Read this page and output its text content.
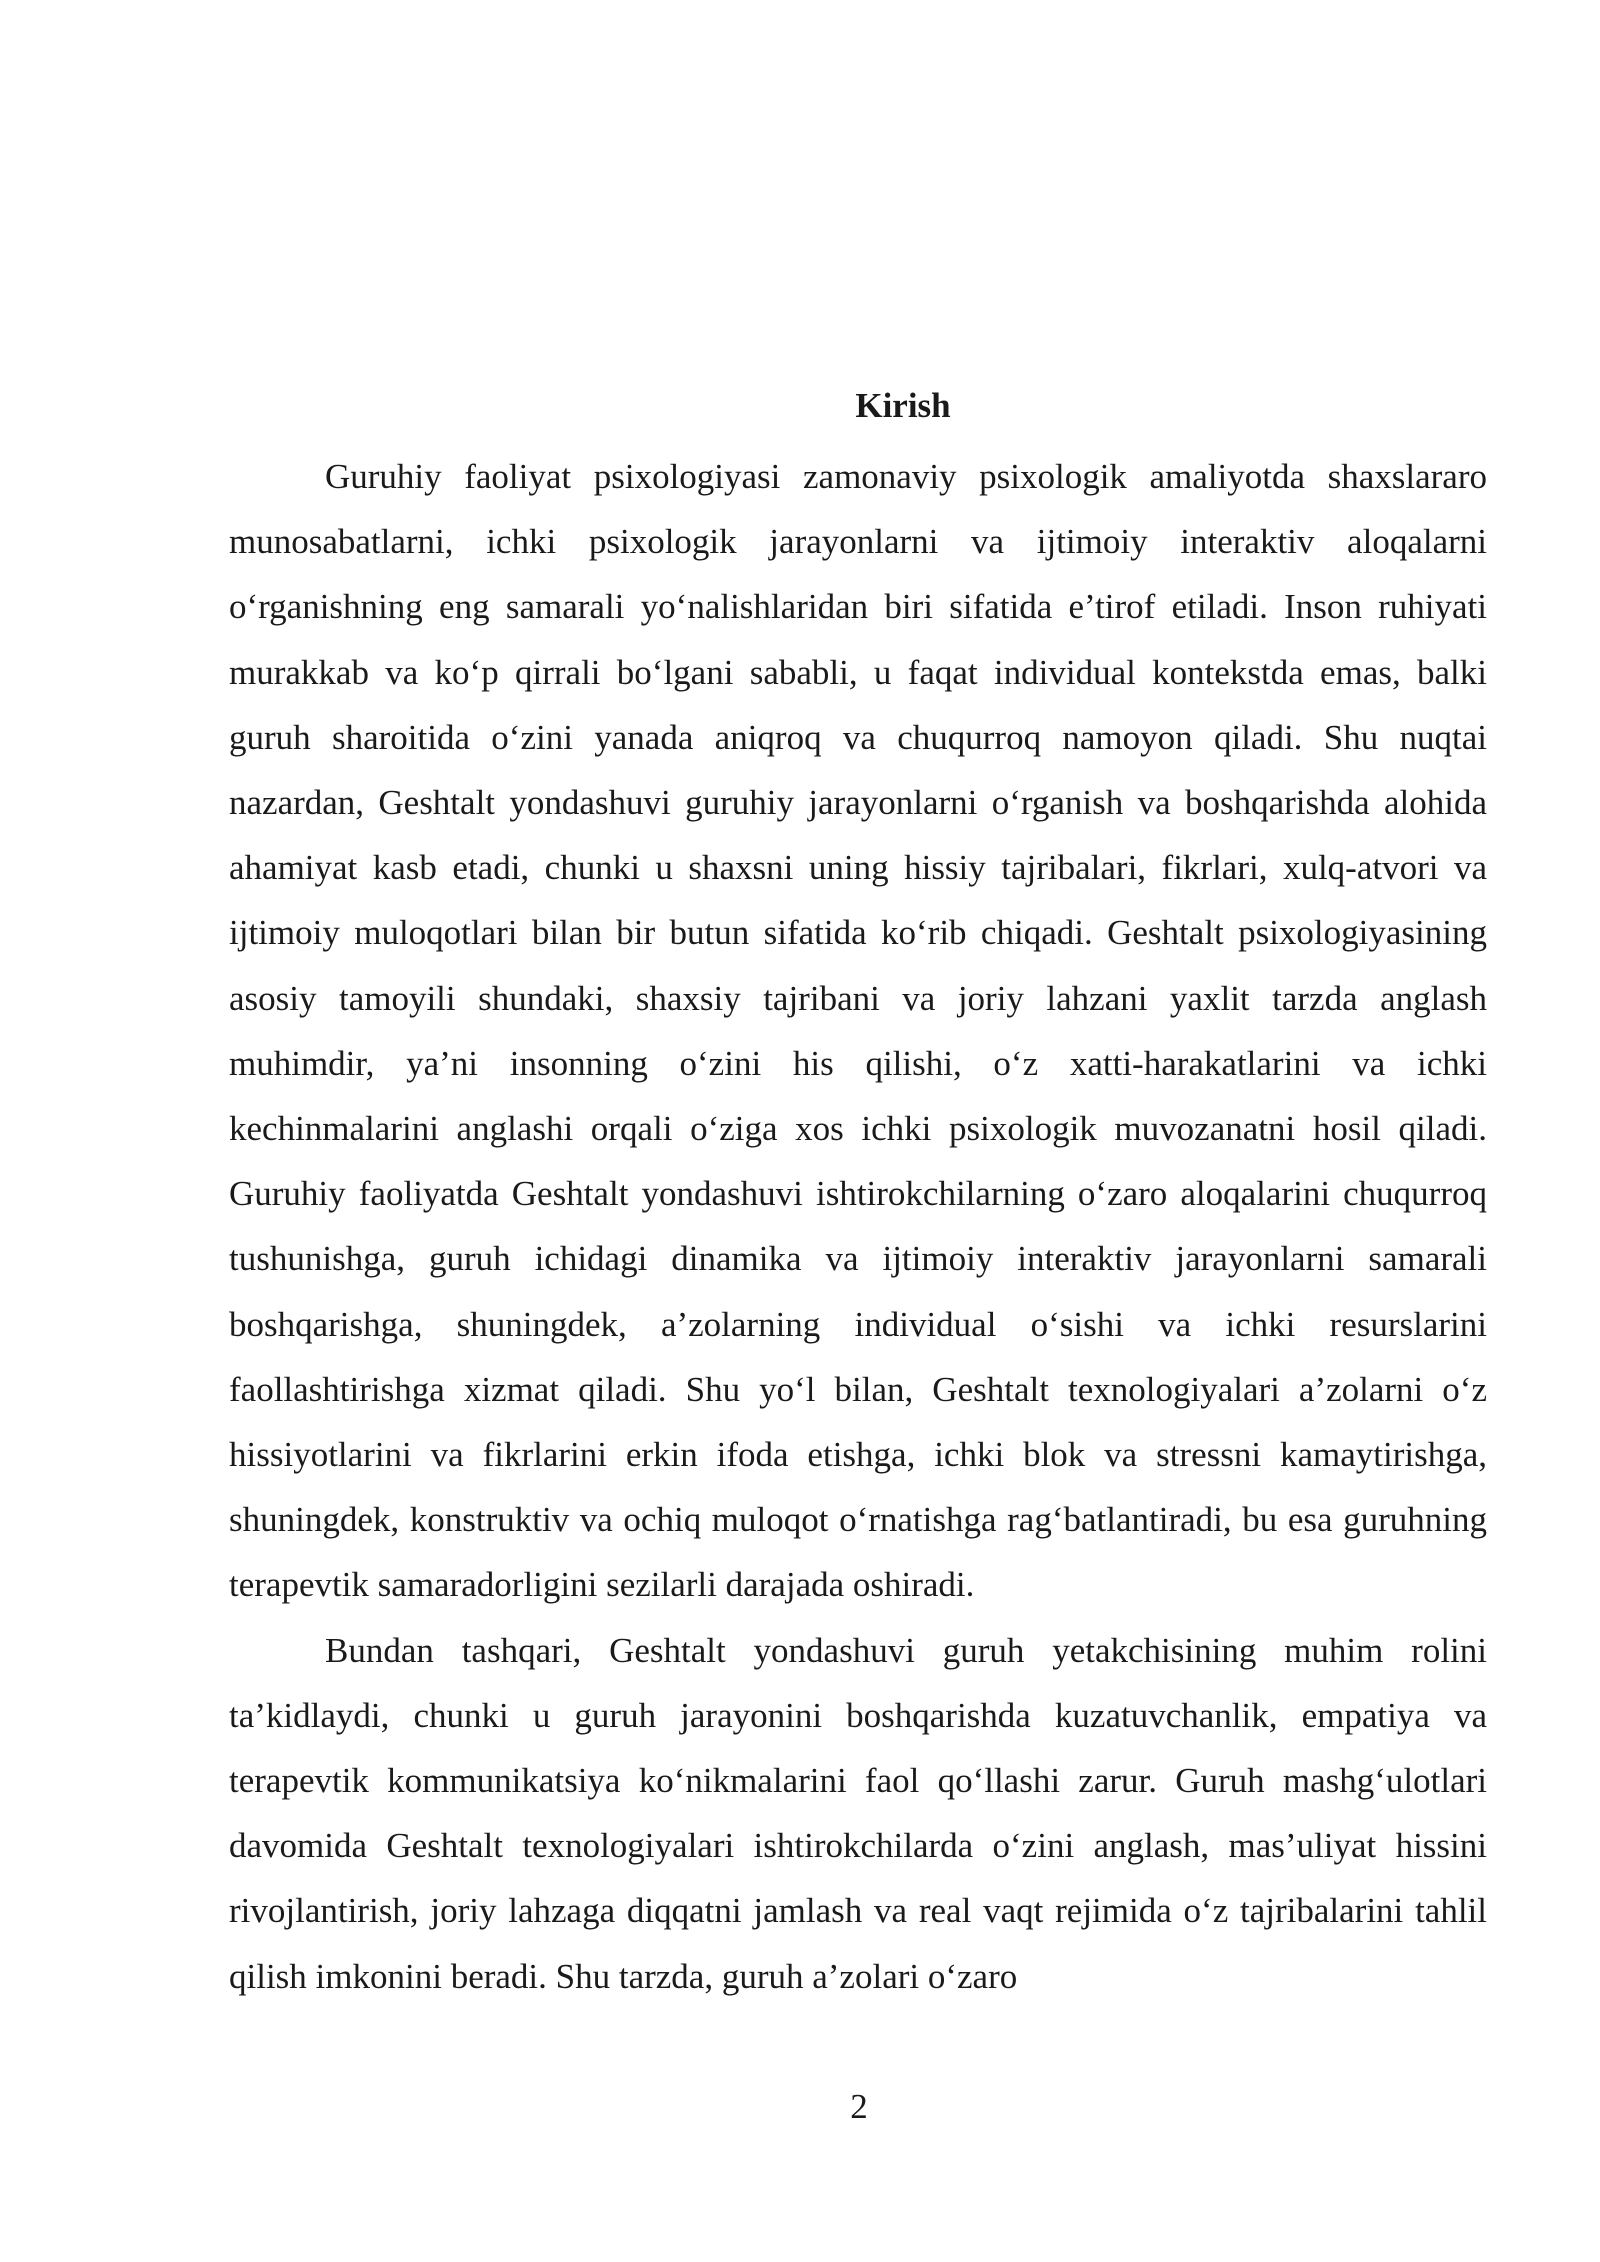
Kirish

Guruhiy faoliyat psixologiyasi zamonaviy psixologik amaliyotda shaxslararo munosabatlarni, ichki psixologik jarayonlarni va ijtimoiy interaktiv aloqalarni o‘rganishning eng samarali yo‘nalishlaridan biri sifatida e’tirof etiladi. Inson ruhiyati murakkab va ko‘p qirrali bo‘lgani sababli, u faqat individual kontekstda emas, balki guruh sharoitida o‘zini yanada aniqroq va chuqurroq namoyon qiladi. Shu nuqtai nazardan, Geshtalt yondashuvi guruhiy jarayonlarni o‘rganish va boshqarishda alohida ahamiyat kasb etadi, chunki u shaxsni uning hissiy tajribalari, fikrlari, xulq-atvori va ijtimoiy muloqotlari bilan bir butun sifatida ko‘rib chiqadi. Geshtalt psixologiyasining asosiy tamoyili shundaki, shaxsiy tajribani va joriy lahzani yaxlit tarzda anglash muhimdir, ya’ni insonning o‘zini his qilishi, o‘z xatti-harakatlarini va ichki kechinmalarini anglashi orqali o‘ziga xos ichki psixologik muvozanatni hosil qiladi. Guruhiy faoliyatda Geshtalt yondashuvi ishtirokchilarning o‘zaro aloqalarini chuqurroq tushunishga, guruh ichidagi dinamika va ijtimoiy interaktiv jarayonlarni samarali boshqarishga, shuningdek, a’zolarning individual o‘sishi va ichki resurslarini faollashtirishga xizmat qiladi. Shu yo‘l bilan, Geshtalt texnologiyalari a’zolarni o‘z hissiyotlarini va fikrlarini erkin ifoda etishga, ichki blok va stressni kamaytirishga, shuningdek, konstruktiv va ochiq muloqot o‘rnatishga rag‘batlantiradi, bu esa guruhning terapevtik samaradorligini sezilarli darajada oshiradi.

Bundan tashqari, Geshtalt yondashuvi guruh yetakchisining muhim rolini ta’kidlaydi, chunki u guruh jarayonini boshqarishda kuzatuvchanlik, empatiya va terapevtik kommunikatsiya ko‘nikmalarini faol qo‘llashi zarur. Guruh mashg‘ulotlari davomida Geshtalt texnologiyalari ishtirokchilarda o‘zini anglash, mas’uliyat hissini rivojlantirish, joriy lahzaga diqqatni jamlash va real vaqt rejimida o‘z tajribalarini tahlil qilish imkonini beradi. Shu tarzda, guruh a’zolari o‘zaro

2
